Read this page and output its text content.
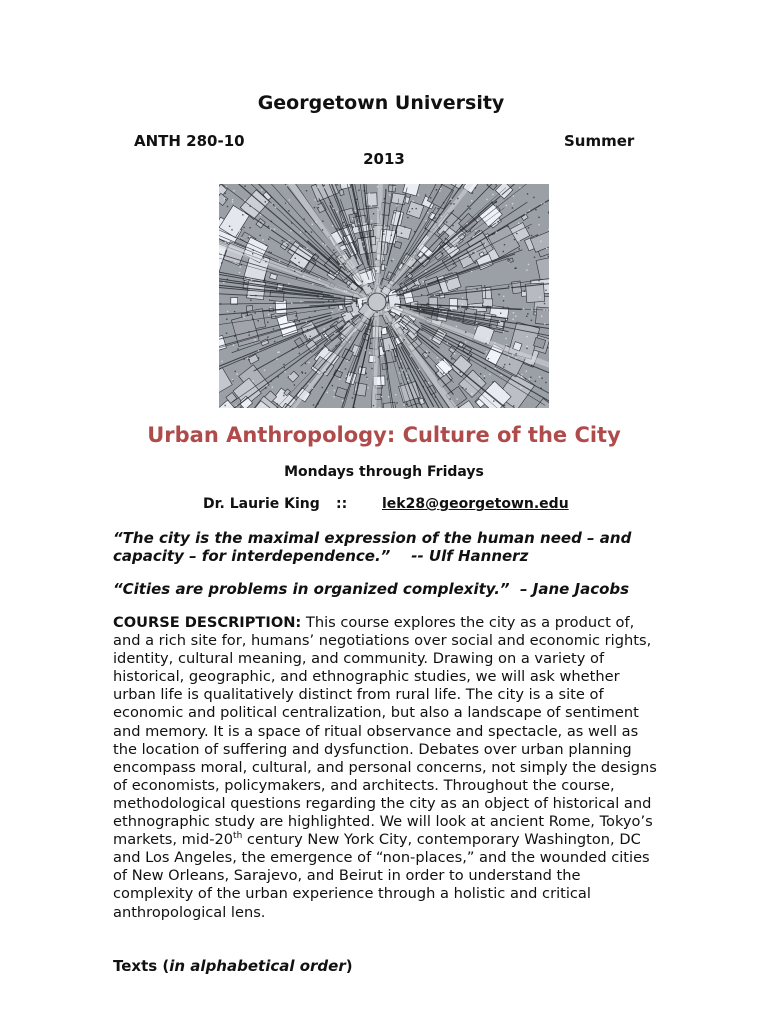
Georgetown University
ANTH 280-10	Summer
2013
Urban Anthropology: Culture of the City
Mondays through Fridays
Dr. Laurie King :: lek28@georgetown.edu
“The city is the maximal expression of the human need – and capacity – for interdependence.” -- Ulf Hannerz
“Cities are problems in organized complexity.” – Jane Jacobs
COURSE DESCRIPTION: This course explores the city as a product of, and a rich site for, humans’ negotiations over social and economic rights, identity, cultural meaning, and community. Drawing on a variety of historical, geographic, and ethnographic studies, we will ask whether urban life is qualitatively distinct from rural life. The city is a site of economic and political centralization, but also a landscape of sentiment and memory. It is a space of ritual observance and spectacle, as well as the location of suffering and dysfunction. Debates over urban planning encompass moral, cultural, and personal concerns, not simply the designs of economists, policymakers, and architects. Throughout the course, methodological questions regarding the city as an object of historical and ethnographic study are highlighted. We will look at ancient Rome, Tokyo’s markets, mid-20th century New York City, contemporary Washington, DC and Los Angeles, the emergence of “non-places,” and the wounded cities of New Orleans, Sarajevo, and Beirut in order to understand the complexity of the urban experience through a holistic and critical anthropological lens.
Texts (in alphabetical order)
